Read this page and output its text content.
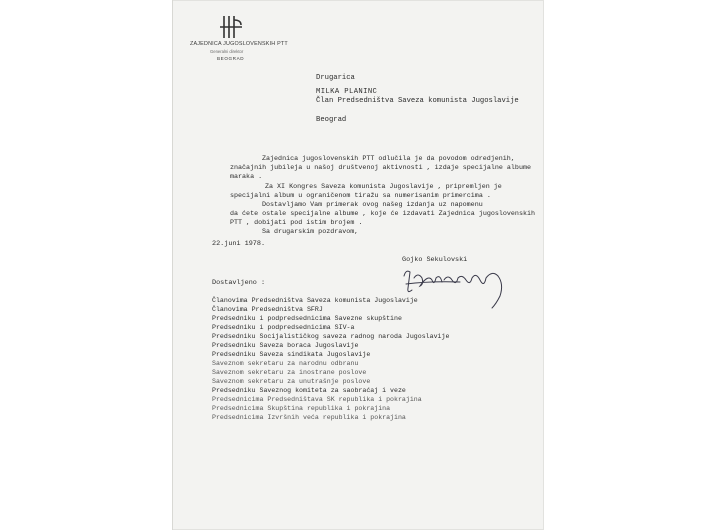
ZAJEDNICA JUGOSLOVENSKIH PTT
Generalni direktor
BEOGRAD
Drugarica
MILKA PLANINC
Član Predsedništva Saveza komunista Jugoslavije
Beograd
Zajednica jugoslovenskih PTT odlučila je da povodom odredjenih,
značajnih jubileja u našoj društvenoj aktivnosti , izdaje specijalne albume
maraka .
Za XI Kongres Saveza komunista Jugoslavije , pripremljen je
specijalni album u ograničenom tiražu sa numerisanim primercima .
Dostavljamo Vam primerak ovog našeg izdanja uz napomenu
da ćete ostale specijalne albume , koje će izdavati Zajednica jugoslovenskih
PTT , dobijati pod istim brojem .
Sa drugarskim pozdravom,
22.juni 1978.
Gojko Sekulovski
Dostavljeno :
Članovima Predsedništva Saveza komunista Jugoslavije
Članovima Predsedništva SFRJ
Predsedniku i podpredsednicima Savezne skupštine
Predsedniku i podpredsednicima SIV-a
Predsedniku Socijalističkog saveza radnog naroda Jugoslavije
Predsedniku Saveza boraca Jugoslavije
Predsedniku Saveza sindikata Jugoslavije
Saveznom sekretaru za narodnu odbranu
Saveznom sekretaru za inostrane poslove
Saveznom sekretaru za unutrašnje poslove
Predsedniku Saveznog komiteta za saobraćaj i veze
Predsednicima Predsedništava SK republika i pokrajina
Predsednicima Skupština republika i pokrajina
Predsednicima Izvršnih veća republika i pokrajina
